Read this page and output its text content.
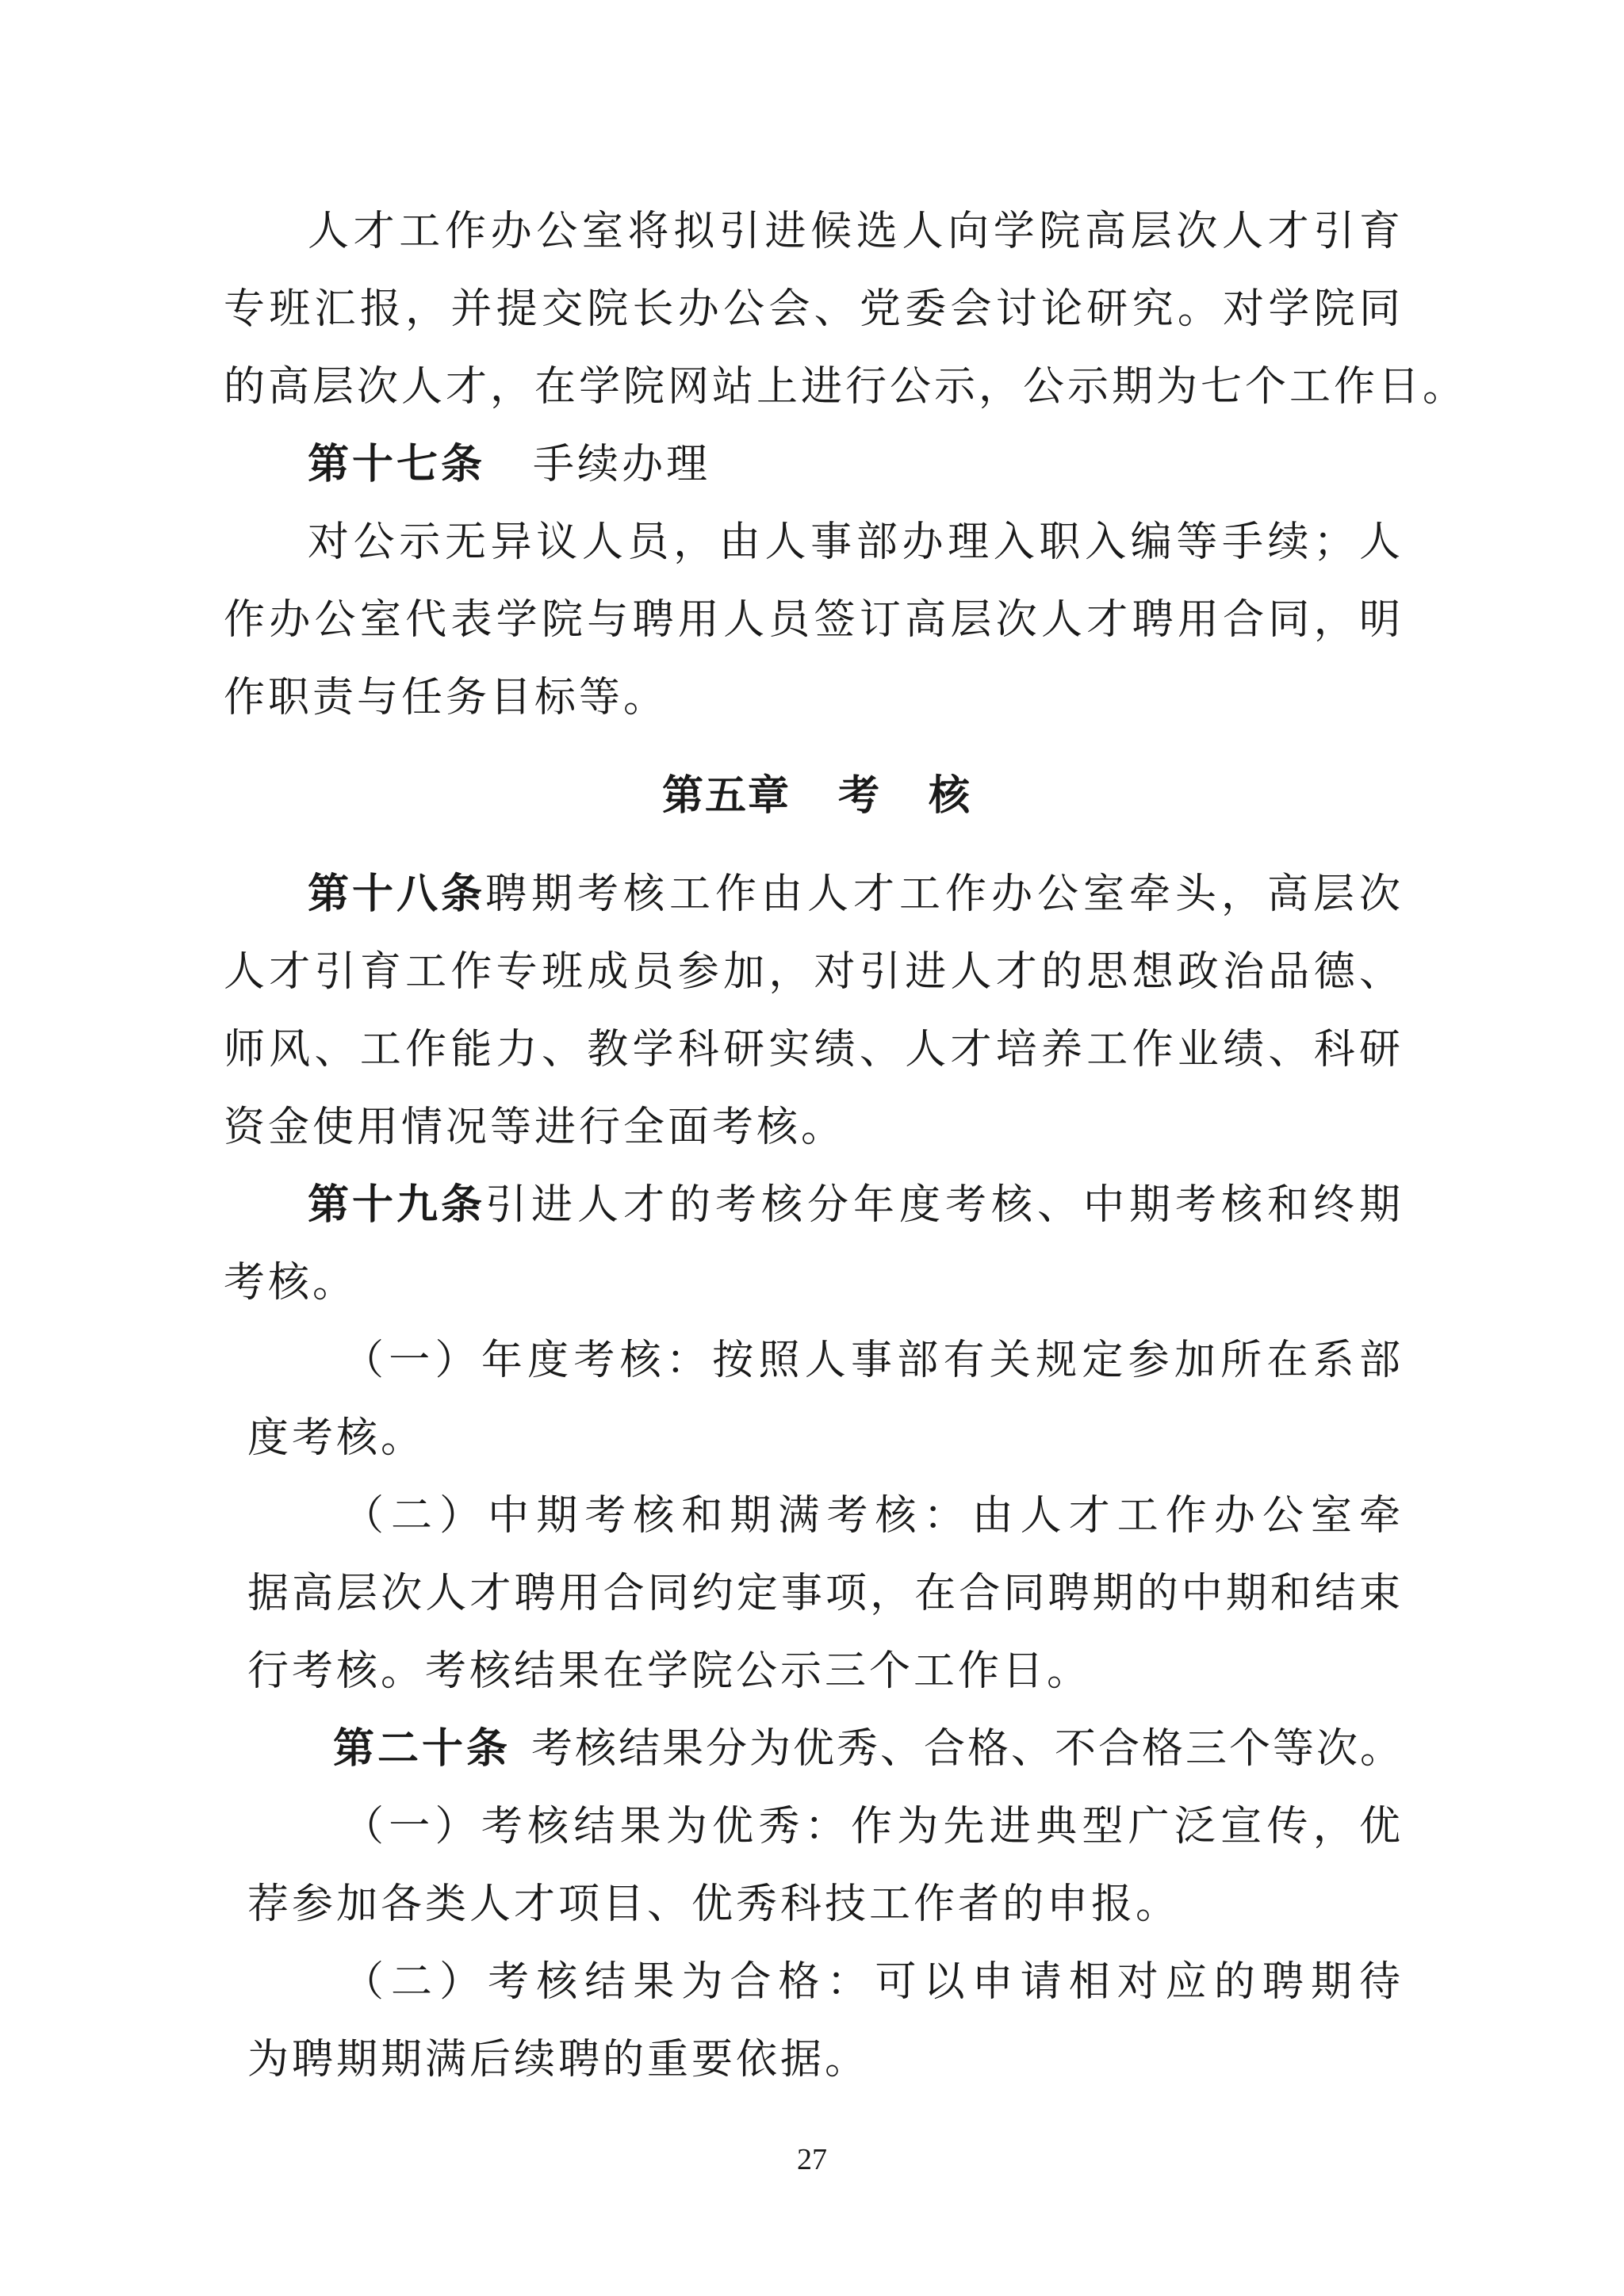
人才工作办公室将拟引进候选人向学院高层次人才引育
专班汇报，并提交院长办公会、党委会讨论研究。对学院同
的高层次人才，在学院网站上进行公示，公示期为七个工作日。
第十七条 手续办理
对公示无异议人员，由人事部办理入职入编等手续；人
作办公室代表学院与聘用人员签订高层次人才聘用合同，明
作职责与任务目标等。
第五章 考 核
第十八条 聘期考核工作由人才工作办公室牵头，高层次
人才引育工作专班成员参加，对引进人才的思想政治品德、
师风、工作能力、教学科研实绩、人才培养工作业绩、科研
资金使用情况等进行全面考核。
第十九条 引进人才的考核分年度考核、中期考核和终期
考核。
（一）年度考核：按照人事部有关规定参加所在系部
度考核。
（二）中期考核和期满考核：由人才工作办公室牵
据高层次人才聘用合同约定事项，在合同聘期的中期和结束
行考核。考核结果在学院公示三个工作日。
第二十条 考核结果分为优秀、合格、不合格三个等次。
（一）考核结果为优秀：作为先进典型广泛宣传，优
荐参加各类人才项目、优秀科技工作者的申报。
（二）考核结果为合格：可以申请相对应的聘期待
为聘期期满后续聘的重要依据。
27
